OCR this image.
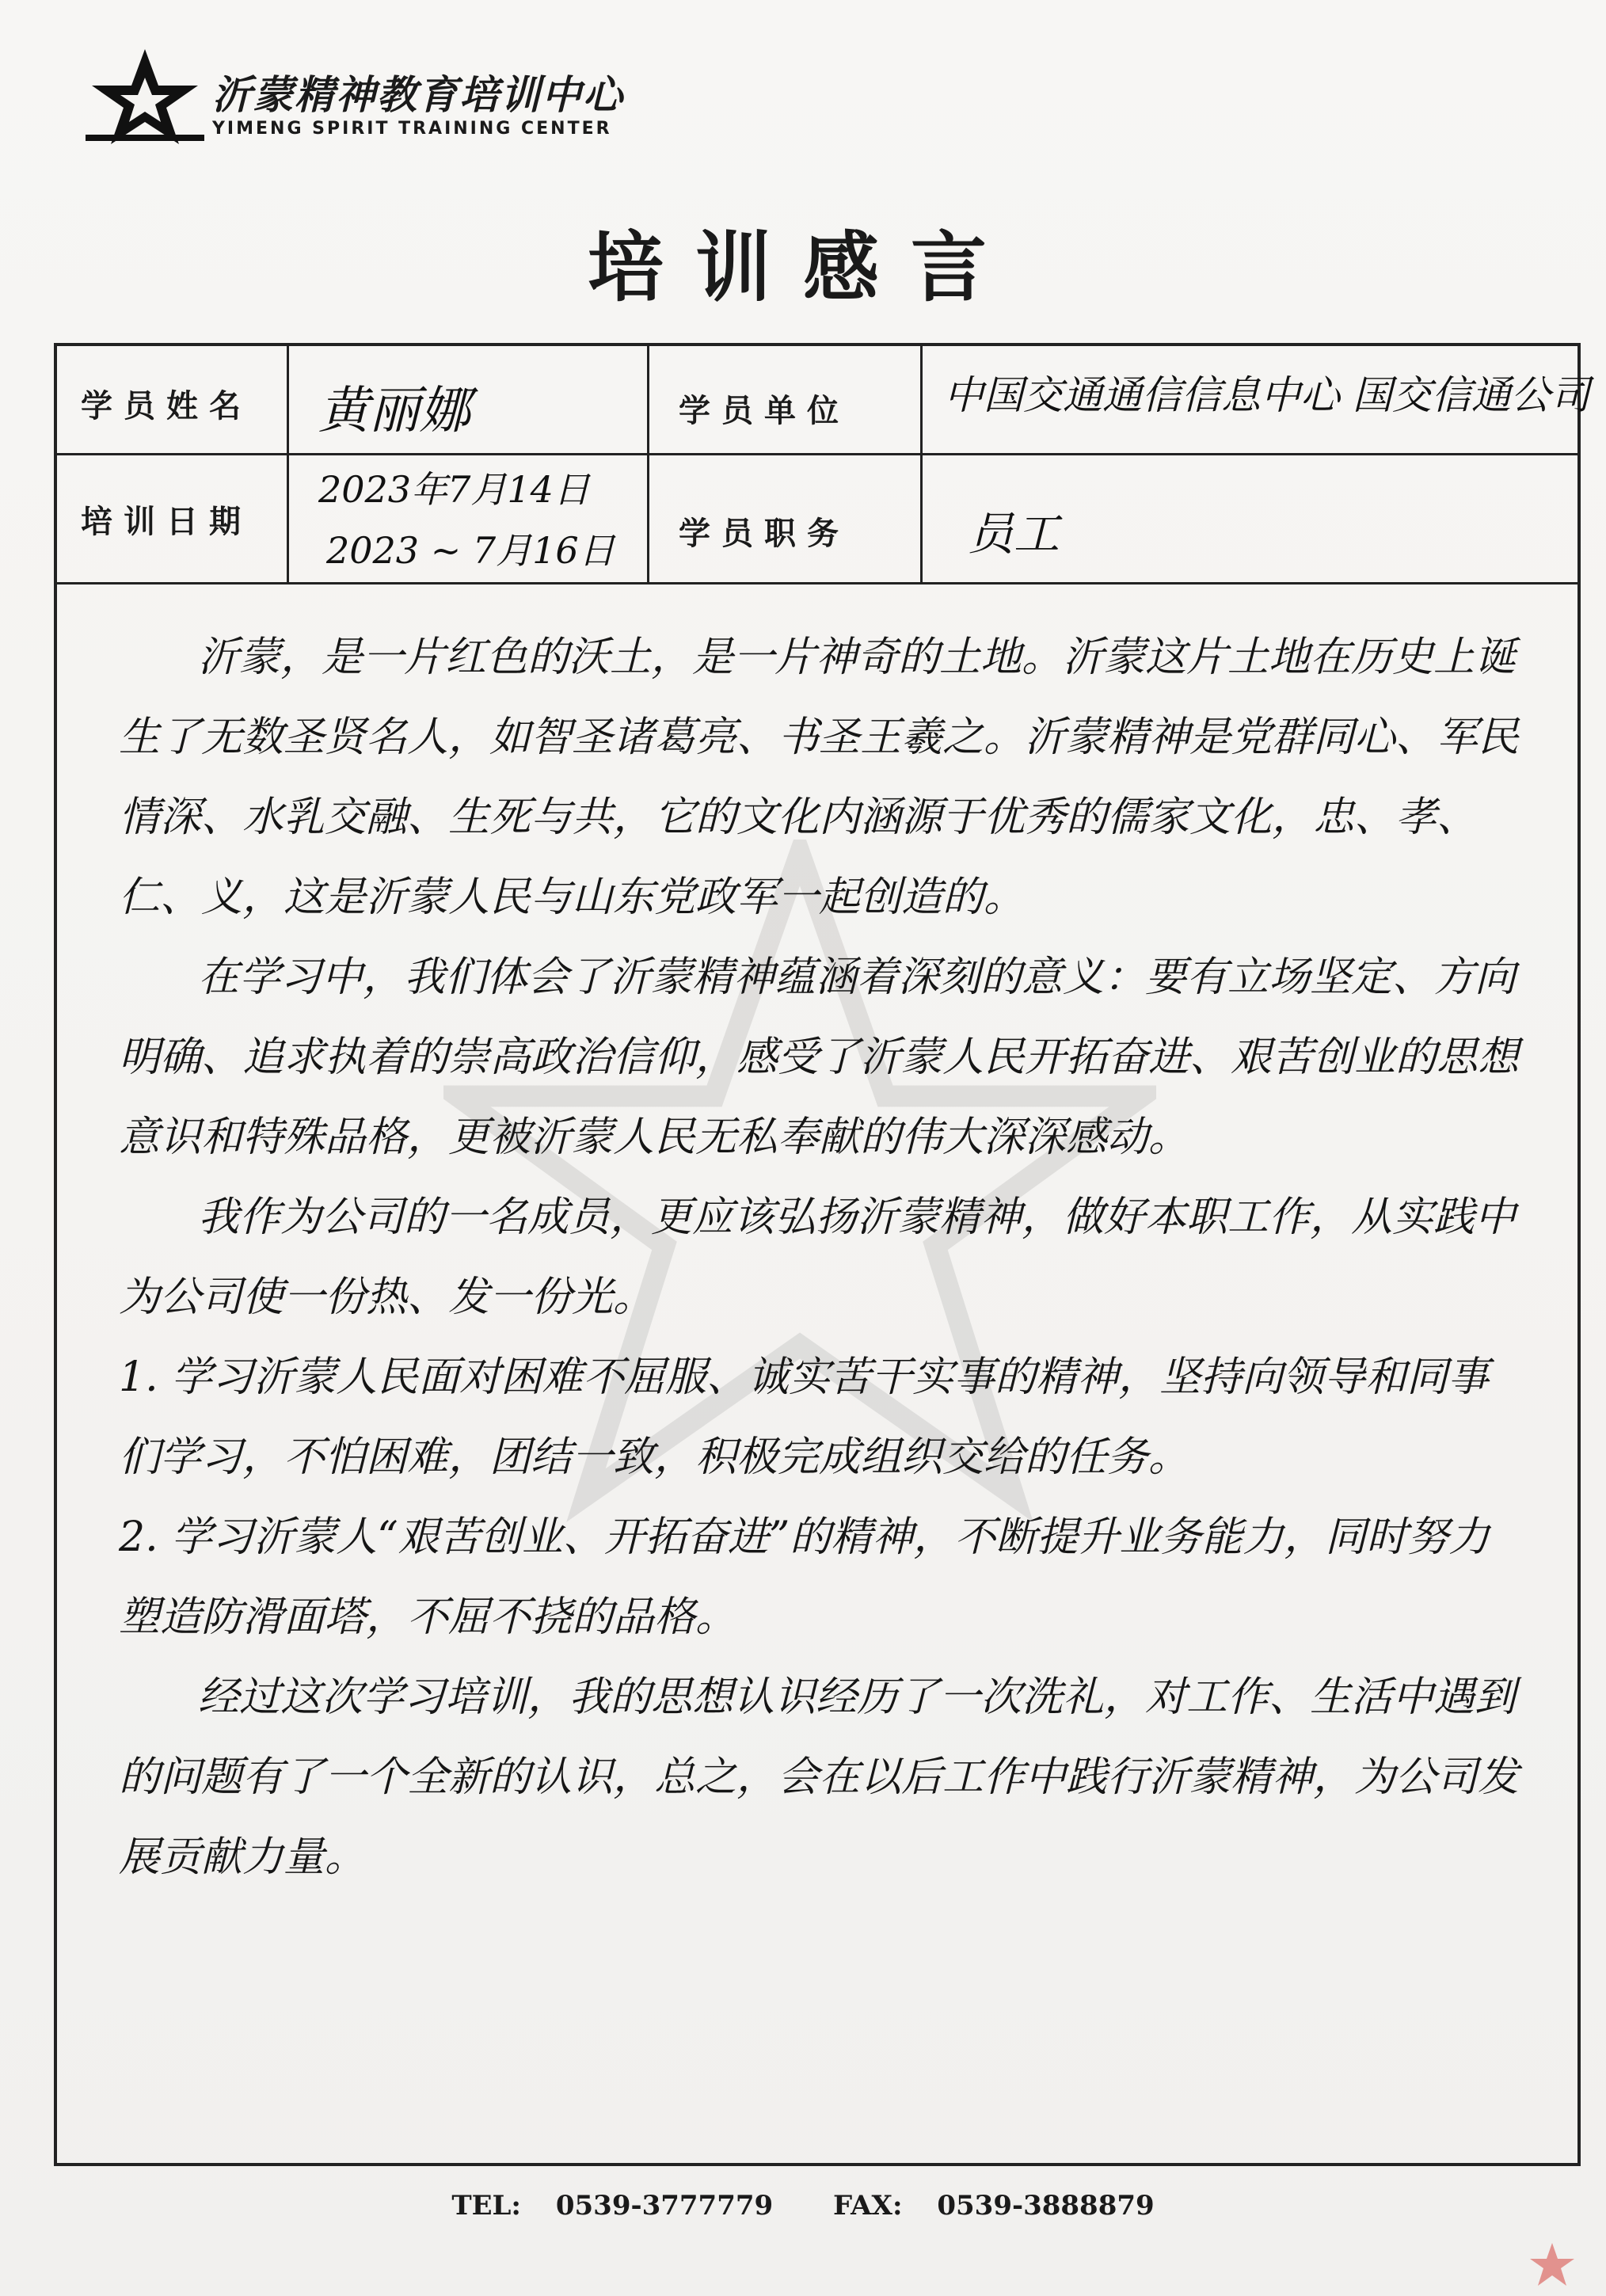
沂蒙精神教育培训中心
YIMENG SPIRIT TRAINING CENTER
培训感言
学员姓名 黄丽娜	学员单位 中国交通通信信息中心 国交信通公司
培训日期
2023年7月14日
2023 ~ 7月16日 学员职务	员工

沂蒙，是一片红色的沃土，是一片神奇的土地。沂蒙这片土地在历史上诞生了无数圣贤名人，如智圣诸葛亮、书圣王羲之。沂蒙精神是党群同心、军民情深、水乳交融、生死与共，它的文化内涵源于优秀的儒家文化，忠、孝、仁、义，这是沂蒙人民与山东党政军一起创造的。

在学习中，我们体会了沂蒙精神蕴涵着深刻的意义：要有立场坚定、方向明确、追求执着的崇高政治信仰，感受了沂蒙人民开拓奋进、艰苦创业的思想意识和特殊品格，更被沂蒙人民无私奉献的伟大深深感动。

我作为公司的一名成员，更应该弘扬沂蒙精神，做好本职工作，从实践中为公司使一份热、发一份光。

1. 学习沂蒙人民面对困难不屈服、诚实苦干实事的精神，坚持向领导和同事们学习，不怕困难，团结一致，积极完成组织交给的任务。

2. 学习沂蒙人“艰苦创业、开拓奋进”的精神，不断提升业务能力，同时努力塑造防滑面塔，不屈不挠的品格。

经过这次学习培训，我的思想认识经历了一次洗礼，对工作、生活中遇到的问题有了一个全新的认识，总之，会在以后工作中践行沂蒙精神，为公司发展贡献力量。

TEL: 0539-3777779 FAX: 0539-3888879
